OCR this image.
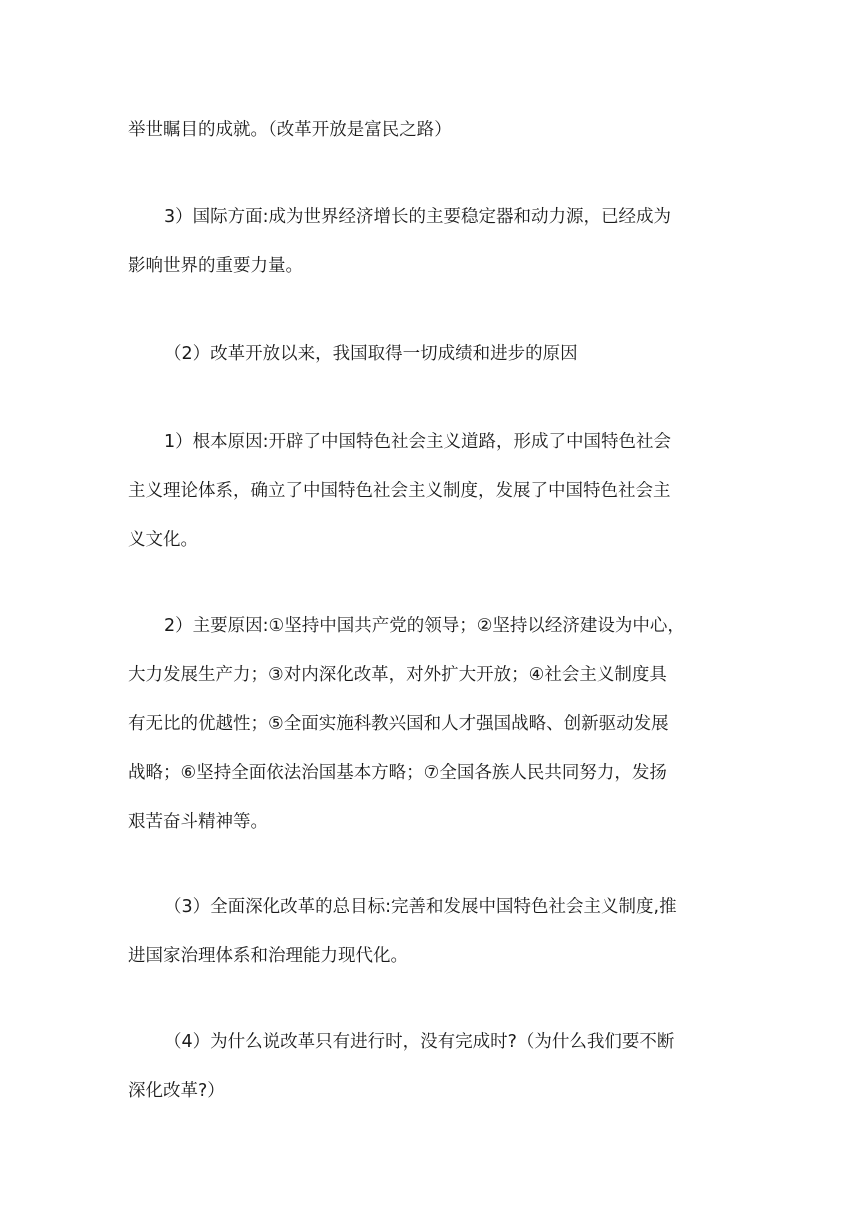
举世瞩目的成就。（改革开放是富民之路）
3）国际方面:成为世界经济增长的主要稳定器和动力源，已经成为
影响世界的重要力量。
（2）改革开放以来，我国取得一切成绩和进步的原因
1）根本原因:开辟了中国特色社会主义道路，形成了中国特色社会
主义理论体系，确立了中国特色社会主义制度，发展了中国特色社会主
义文化。
2）主要原因:①坚持中国共产党的领导；②坚持以经济建设为中心，
大力发展生产力；③对内深化改革，对外扩大开放；④社会主义制度具
有无比的优越性；⑤全面实施科教兴国和人才强国战略、创新驱动发展
战略；⑥坚持全面依法治国基本方略；⑦全国各族人民共同努力，发扬
艰苦奋斗精神等。
（3）全面深化改革的总目标:完善和发展中国特色社会主义制度,推
进国家治理体系和治理能力现代化。
（4）为什么说改革只有进行时，没有完成时?（为什么我们要不断
深化改革?）
